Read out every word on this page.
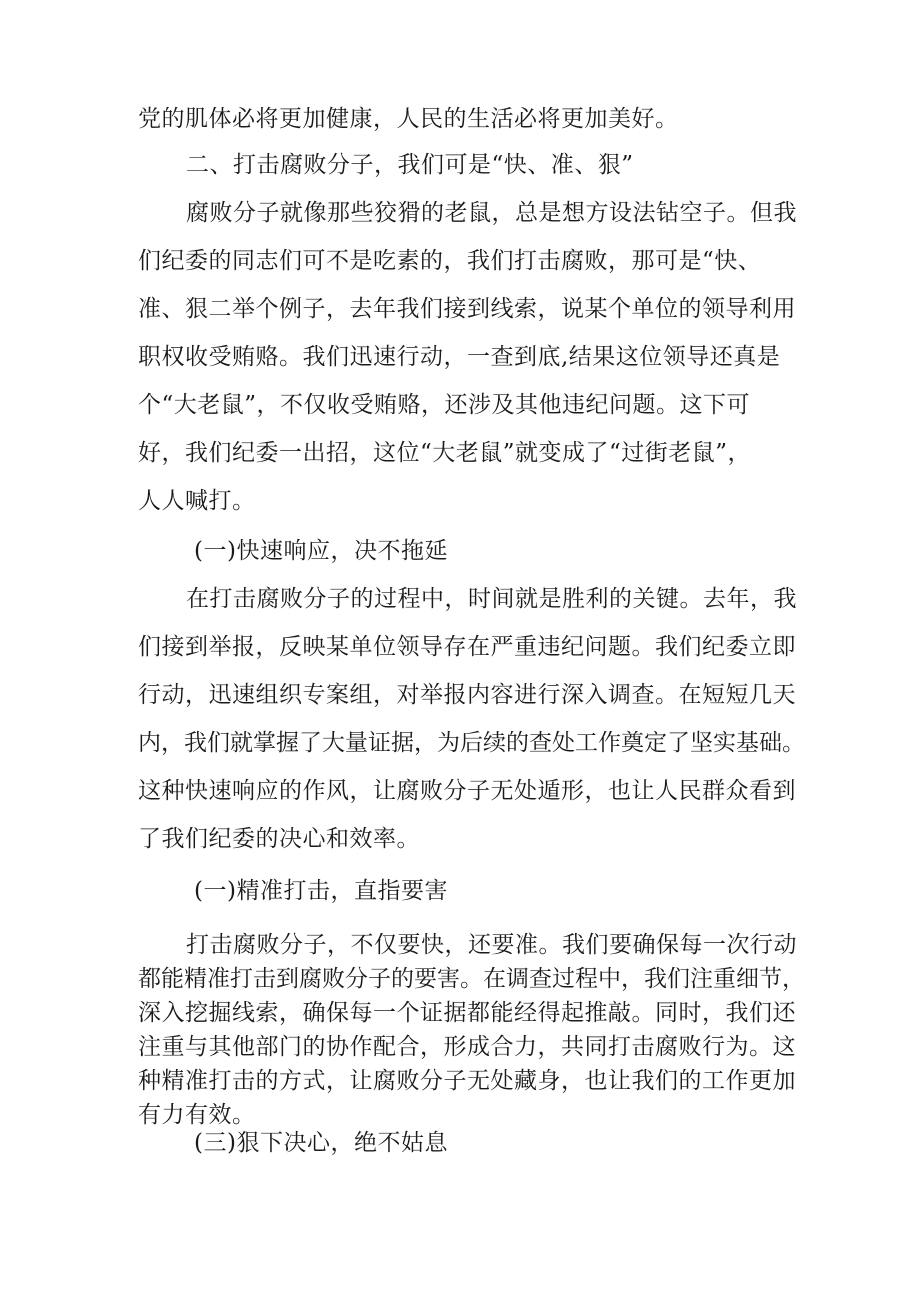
党的肌体必将更加健康，人民的生活必将更加美好。
二、打击腐败分子，我们可是“快、准、狠”
腐败分子就像那些狡猾的老鼠，总是想方设法钻空子。但我
们纪委的同志们可不是吃素的，我们打击腐败，那可是“快、
准、狠二举个例子，去年我们接到线索，说某个单位的领导利用
职权收受贿赂。我们迅速行动，一查到底,结果这位领导还真是
个“大老鼠”，不仅收受贿赂，还涉及其他违纪问题。这下可
好，我们纪委一出招，这位“大老鼠”就变成了“过街老鼠”，
人人喊打。
(一)快速响应，决不拖延
在打击腐败分子的过程中，时间就是胜利的关键。去年，我
们接到举报，反映某单位领导存在严重违纪问题。我们纪委立即
行动，迅速组织专案组，对举报内容进行深入调查。在短短几天
内，我们就掌握了大量证据，为后续的查处工作奠定了坚实基础。
这种快速响应的作风，让腐败分子无处遁形，也让人民群众看到
了我们纪委的决心和效率。
(一)精准打击，直指要害
打击腐败分子，不仅要快，还要准。我们要确保每一次行动
都能精准打击到腐败分子的要害。在调查过程中，我们注重细节，
深入挖掘线索，确保每一个证据都能经得起推敲。同时，我们还
注重与其他部门的协作配合，形成合力，共同打击腐败行为。这
种精准打击的方式，让腐败分子无处藏身，也让我们的工作更加
有力有效。
(三)狠下决心，绝不姑息
